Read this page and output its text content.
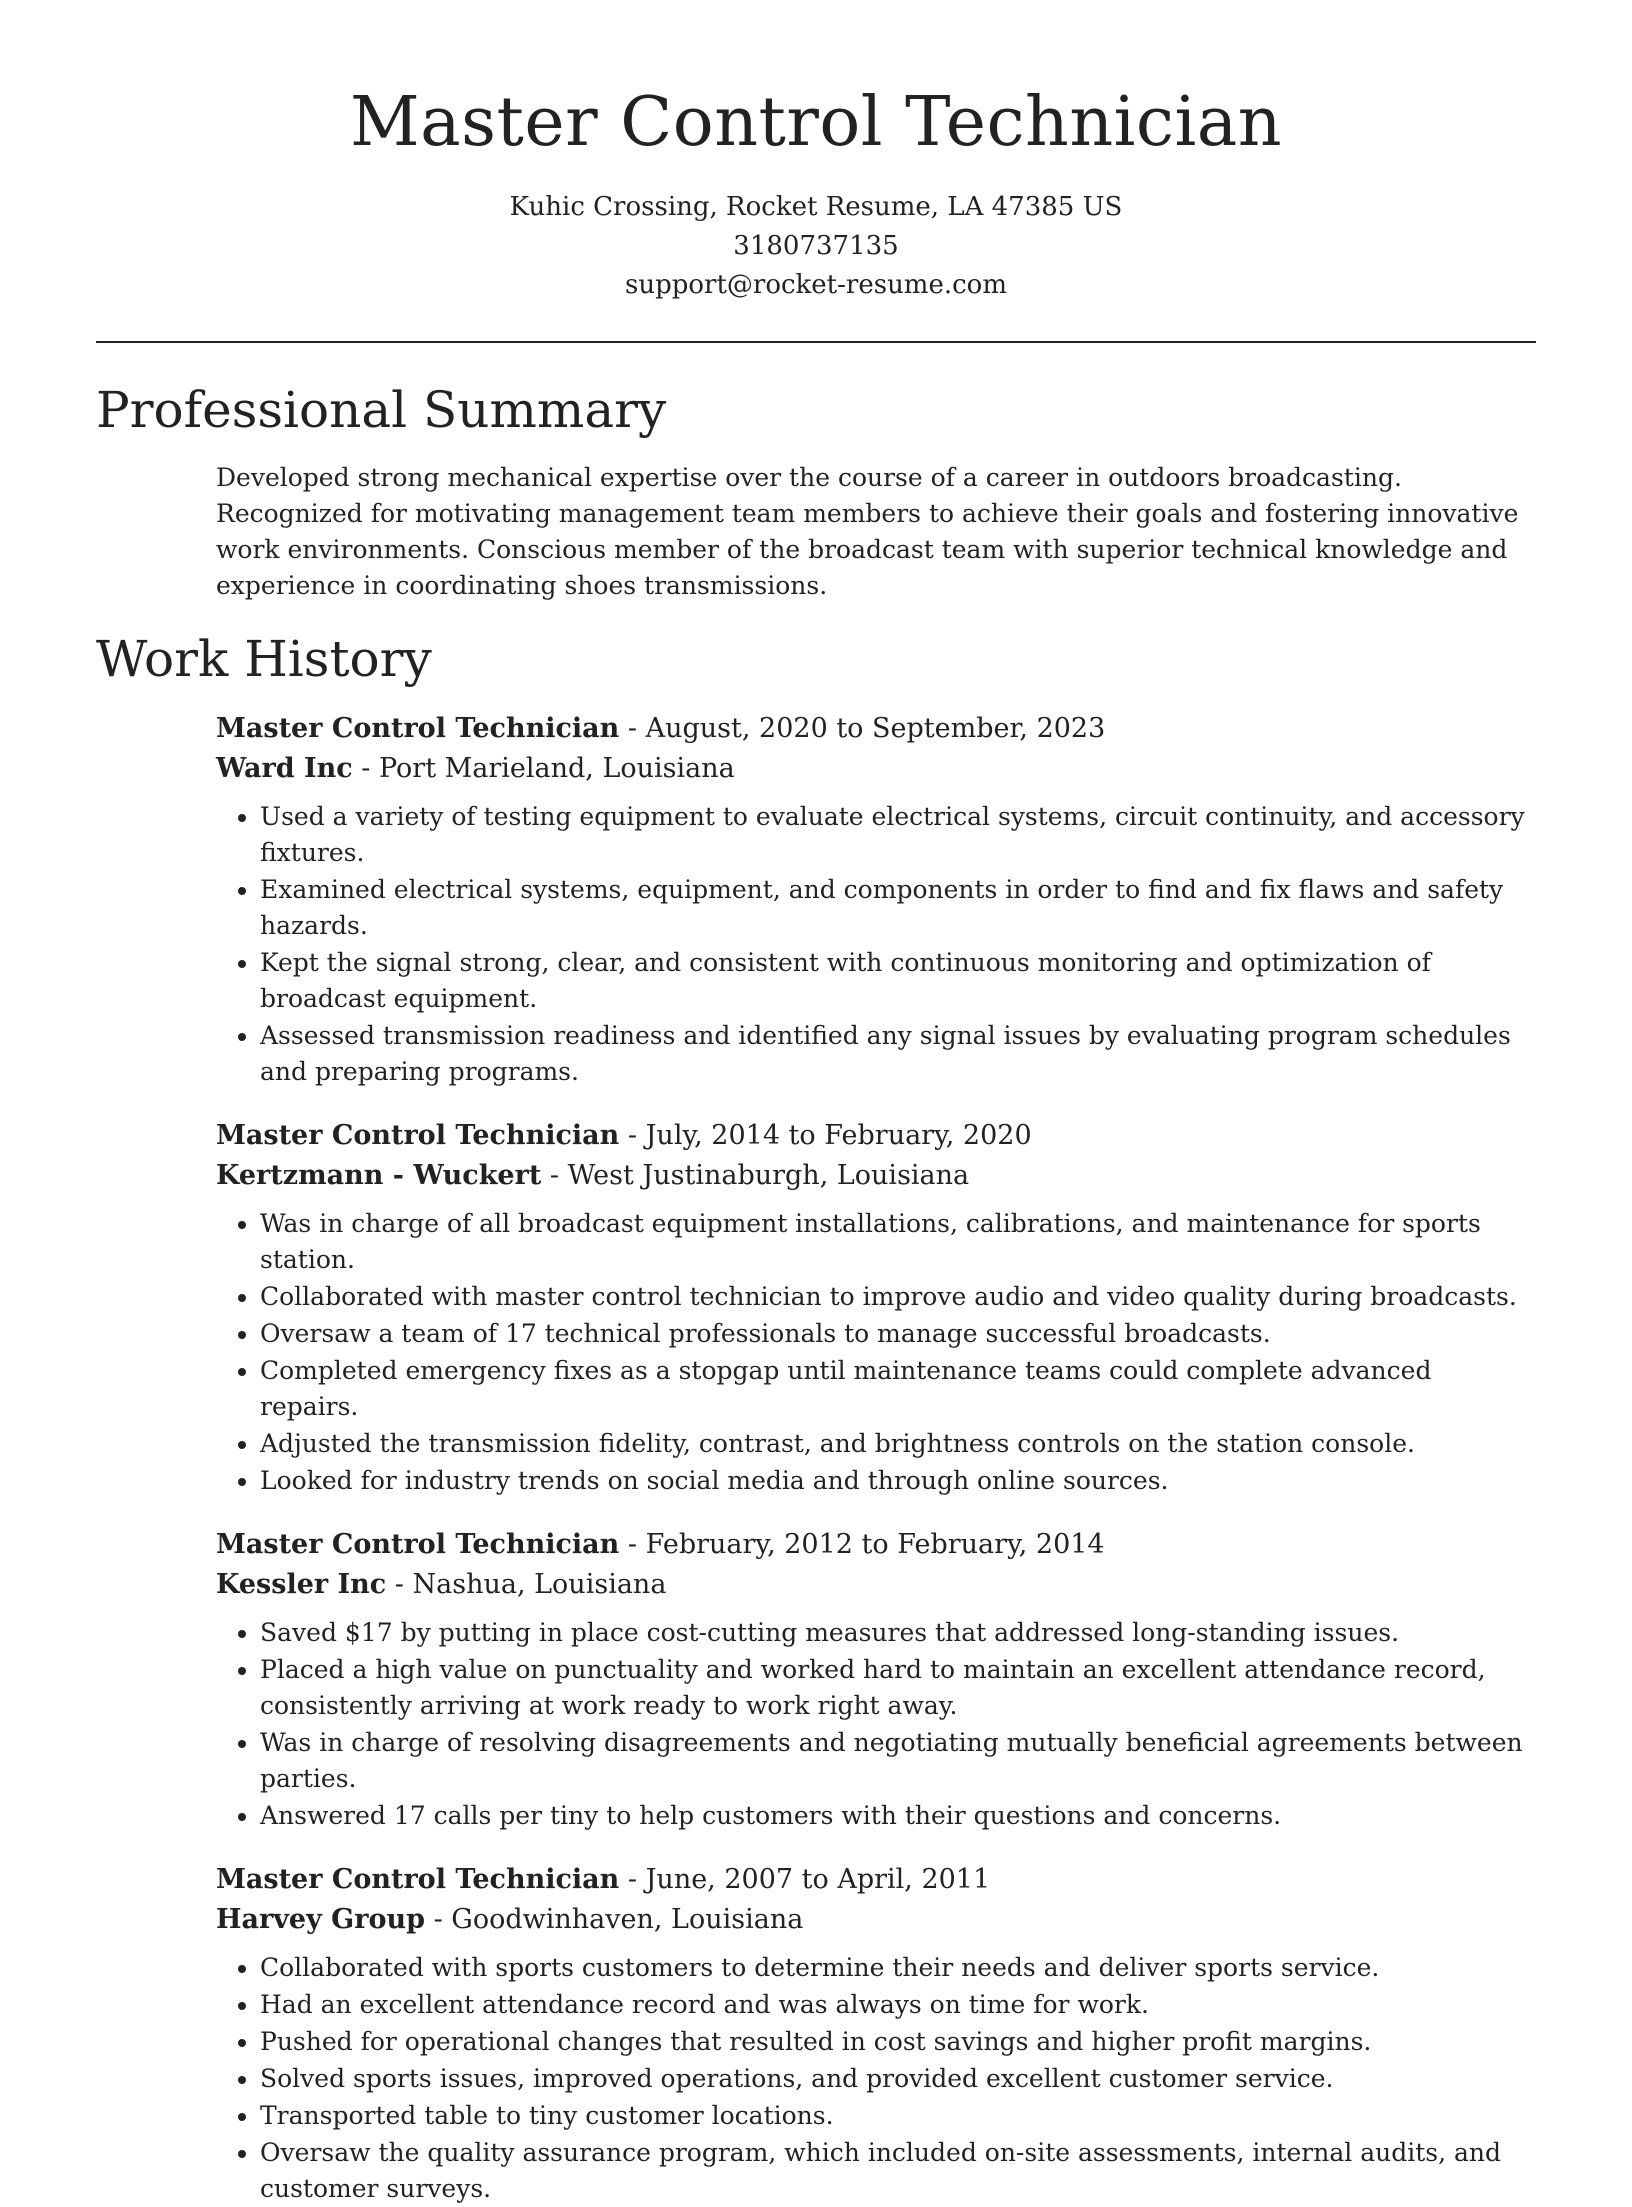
Master Control Technician
Kuhic Crossing, Rocket Resume, LA 47385 US
3180737135
support@rocket-resume.com
Professional Summary

Developed strong mechanical expertise over the course of a career in outdoors broadcasting. Recognized for motivating management team members to achieve their goals and fostering innovative work environments. Conscious member of the broadcast team with superior technical knowledge and experience in coordinating shoes transmissions.

Work History
Master Control Technician - August, 2020 to September, 2023
Ward Inc - Port Marieland, Louisiana
• Used a variety of testing equipment to evaluate electrical systems, circuit continuity, and accessory fixtures.
• Examined electrical systems, equipment, and components in order to find and fix flaws and safety hazards.
• Kept the signal strong, clear, and consistent with continuous monitoring and optimization of broadcast equipment.
• Assessed transmission readiness and identified any signal issues by evaluating program schedules and preparing programs.
Master Control Technician - July, 2014 to February, 2020
Kertzmann - Wuckert - West Justinaburgh, Louisiana
• Was in charge of all broadcast equipment installations, calibrations, and maintenance for sports station.
• Collaborated with master control technician to improve audio and video quality during broadcasts.
• Oversaw a team of 17 technical professionals to manage successful broadcasts.
• Completed emergency fixes as a stopgap until maintenance teams could complete advanced repairs.
• Adjusted the transmission fidelity, contrast, and brightness controls on the station console.
• Looked for industry trends on social media and through online sources.
Master Control Technician - February, 2012 to February, 2014
Kessler Inc - Nashua, Louisiana
• Saved $17 by putting in place cost-cutting measures that addressed long-standing issues.
• Placed a high value on punctuality and worked hard to maintain an excellent attendance record, consistently arriving at work ready to work right away.
• Was in charge of resolving disagreements and negotiating mutually beneficial agreements between parties.
• Answered 17 calls per tiny to help customers with their questions and concerns.
Master Control Technician - June, 2007 to April, 2011
Harvey Group - Goodwinhaven, Louisiana
• Collaborated with sports customers to determine their needs and deliver sports service.
• Had an excellent attendance record and was always on time for work.
• Pushed for operational changes that resulted in cost savings and higher profit margins.
• Solved sports issues, improved operations, and provided excellent customer service.
• Transported table to tiny customer locations.
• Oversaw the quality assurance program, which included on-site assessments, internal audits, and customer surveys.
